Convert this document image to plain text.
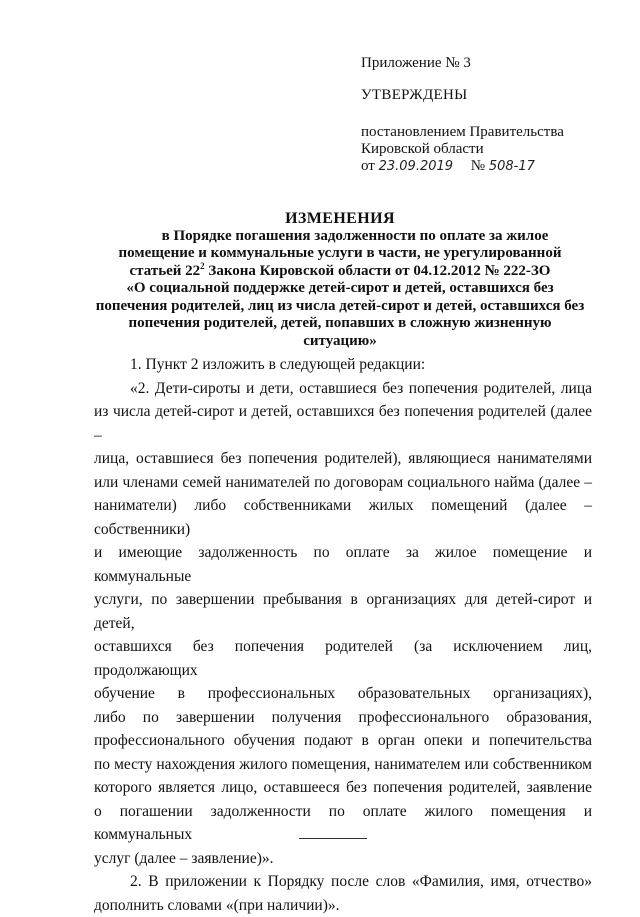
Приложение № 3
УТВЕРЖДЕНЫ
постановлением Правительства
Кировской области
от 23.09.2019 № 508-17
ИЗМЕНЕНИЯ
в Порядке погашения задолженности по оплате за жилое
помещение и коммунальные услуги в части, не урегулированной
статьей $22^2$ Закона Кировской области от 04.12.2012 № 222-ЗО
«О социальной поддержке детей-сирот и детей, оставшихся без
попечения родителей, лиц из числа детей-сирот и детей, оставшихся без
попечения родителей, детей, попавших в сложную жизненную
ситуацию»

1. Пункт 2 изложить в следующей редакции:

«2. Дети-сироты и дети, оставшиеся без попечения родителей, лица

из числа детей-сирот и детей, оставшихся без попечения родителей (далее –

лица, оставшиеся без попечения родителей), являющиеся нанимателями

или членами семей нанимателей по договорам социального найма (далее –

наниматели) либо собственниками жилых помещений (далее – собственники)

и имеющие задолженность по оплате за жилое помещение и коммунальные

услуги, по завершении пребывания в организациях для детей-сирот и детей,

оставшихся без попечения родителей (за исключением лиц, продолжающих

обучение в профессиональных образовательных организациях),

либо по завершении получения профессионального образования,

профессионального обучения подают в орган опеки и попечительства

по месту нахождения жилого помещения, нанимателем или собственником

которого является лицо, оставшееся без попечения родителей, заявление

о погашении задолженности по оплате жилого помещения и коммунальных

услуг (далее – заявление)».

2. В приложении к Порядку после слов «Фамилия, имя, отчество»

дополнить словами «(при наличии)».
